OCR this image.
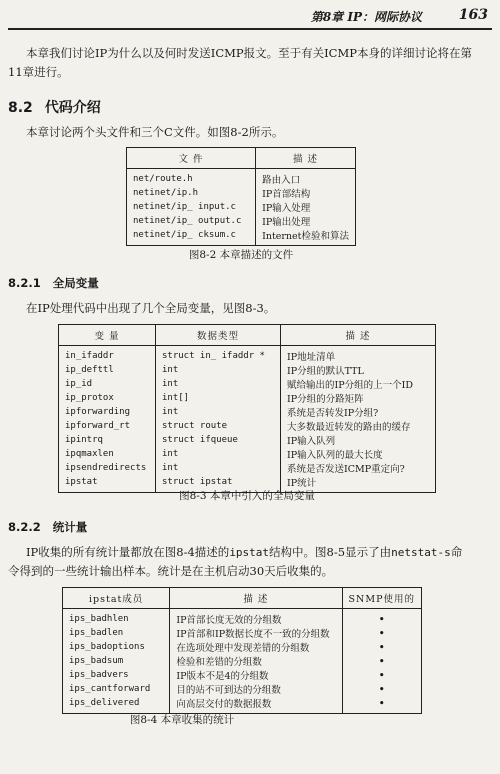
第8章 IP：网际协议	163
本章我们讨论IP为什么以及何时发送ICMP报文。至于有关ICMP本身的详细讨论将在第
11章进行。
8.2 代码介绍
本章讨论两个头文件和三个C文件。如图8-2所示。
文 件	描 述
net/route.h	路由入口
netinet/ip.h	IP首部结构
netinet/ip_ input.c	IP输入处理
netinet/ip_ output.c	IP输出处理
netinet/ip_ cksum.c	Internet检验和算法
图8-2 本章描述的文件
8.2.1 全局变量
在IP处理代码中出现了几个全局变量，见图8-3。
变 量	数据类型	描 述
in_ifaddr	struct in_ ifaddr *	IP地址清单
ip_defttl	int	IP分组的默认TTL
ip_id	int	赋给输出的IP分组的上一个ID
ip_protox	int[]	IP分组的分路矩阵
ipforwarding	int	系统是否转发IP分组?
ipforward_rt	struct route	大多数最近转发的路由的缓存
ipintrq	struct ifqueue	IP输入队列
ipqmaxlen	int	IP输入队列的最大长度
ipsendredirects	int	系统是否发送ICMP重定向?
ipstat	struct ipstat	IP统计
图8-3 本章中引入的全局变量
8.2.2 统计量
IP收集的所有统计量都放在图8-4描述的ipstat结构中。图8-5显示了由netstat-s命
令得到的一些统计输出样本。统计是在主机启动30天后收集的。
ipstat成员	描 述	SNMP使用的
ips_badhlen	IP首部长度无效的分组数	•
ips_badlen	IP首部和IP数据长度不一致的分组数	•
ips_badoptions	在选项处理中发现差错的分组数	•
ips_badsum	检验和差错的分组数	•
ips_badvers	IP版本不是4的分组数	•
ips_cantforward	目的站不可到达的分组数	•
ips_delivered	向高层交付的数据报数	•
图8-4 本章收集的统计
